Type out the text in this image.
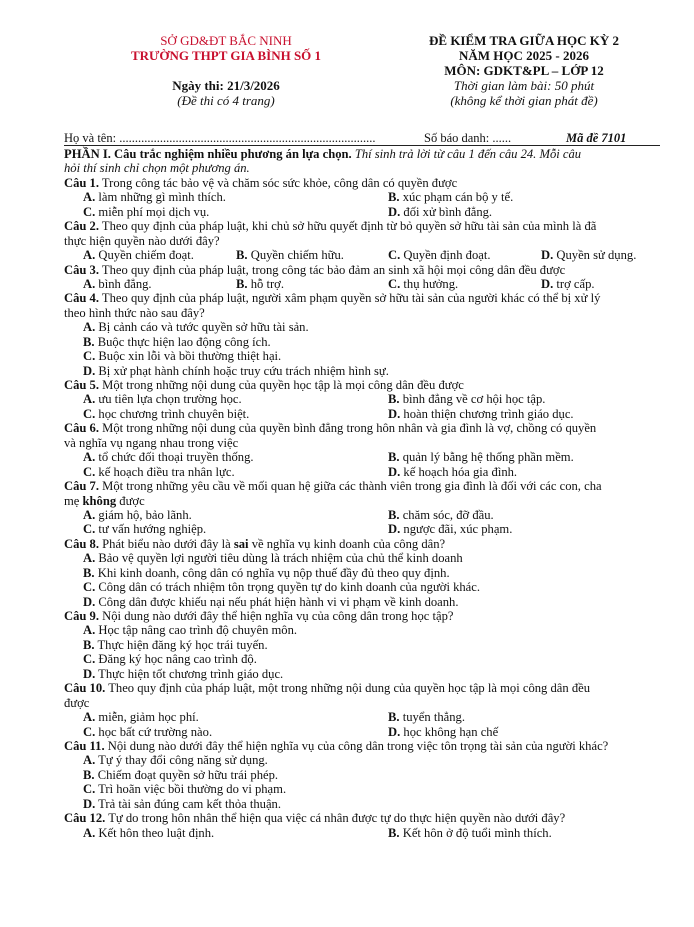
SỞ GD&ĐT BẮC NINH
TRƯỜNG THPT GIA BÌNH SỐ 1
Ngày thi: 21/3/2026
(Đề thi có 4 trang)
ĐỀ KIỂM TRA GIỮA HỌC KỲ 2
NĂM HỌC 2025 - 2026
MÔN: GDKT&PL – LỚP 12
Thời gian làm bài: 50 phút
(không kể thời gian phát đề)
Họ và tên: ..................................................................................	Số báo danh: ......	Mã đề 7101
PHẦN I. Câu trắc nghiệm nhiều phương án lựa chọn. Thí sinh trả lời từ câu 1 đến câu 24. Mỗi câu
hỏi thí sinh chỉ chọn một phương án.
Câu 1. Trong công tác bảo vệ và chăm sóc sức khỏe, công dân có quyền được
A. làm những gì mình thích.	B. xúc phạm cán bộ y tế.
C. miễn phí mọi dịch vụ.	D. đối xử bình đẳng.
Câu 2. Theo quy định của pháp luật, khi chủ sở hữu quyết định từ bỏ quyền sở hữu tài sản của mình là đã
thực hiện quyền nào dưới đây?
A. Quyền chiếm đoạt.	B. Quyền chiếm hữu.	C. Quyền định đoạt.	D. Quyền sử dụng.
Câu 3. Theo quy định của pháp luật, trong công tác bảo đảm an sinh xã hội mọi công dân đều được
A. bình đẳng.	B. hỗ trợ.	C. thụ hưởng.	D. trợ cấp.
Câu 4. Theo quy định của pháp luật, người xâm phạm quyền sở hữu tài sản của người khác có thể bị xử lý
theo hình thức nào sau đây?
A. Bị cảnh cáo và tước quyền sở hữu tài sản.
B. Buộc thực hiện lao động công ích.
C. Buộc xin lỗi và bồi thường thiệt hại.
D. Bị xử phạt hành chính hoặc truy cứu trách nhiệm hình sự.
Câu 5. Một trong những nội dung của quyền học tập là mọi công dân đều được
A. ưu tiên lựa chọn trường học.	B. bình đẳng về cơ hội học tập.
C. học chương trình chuyên biệt.	D. hoàn thiện chương trình giáo dục.
Câu 6. Một trong những nội dung của quyền bình đẳng trong hôn nhân và gia đình là vợ, chồng có quyền
và nghĩa vụ ngang nhau trong việc
A. tổ chức đối thoại truyền thống.	B. quản lý bằng hệ thống phần mềm.
C. kế hoạch điều tra nhân lực.	D. kế hoạch hóa gia đình.
Câu 7. Một trong những yêu cầu về mối quan hệ giữa các thành viên trong gia đình là đối với các con, cha
mẹ không được
A. giám hộ, bảo lãnh.	B. chăm sóc, đỡ đầu.
C. tư vấn hướng nghiệp.	D. ngược đãi, xúc phạm.
Câu 8. Phát biểu nào dưới đây là sai về nghĩa vụ kinh doanh của công dân?
A. Bảo vệ quyền lợi người tiêu dùng là trách nhiệm của chủ thể kinh doanh
B. Khi kinh doanh, công dân có nghĩa vụ nộp thuế đầy đủ theo quy định.
C. Công dân có trách nhiệm tôn trọng quyền tự do kinh doanh của người khác.
D. Công dân được khiếu nại nếu phát hiện hành vi vi phạm về kinh doanh.
Câu 9. Nội dung nào dưới đây thể hiện nghĩa vụ của công dân trong học tập?
A. Học tập nâng cao trình độ chuyên môn.
B. Thực hiện đăng ký học trái tuyến.
C. Đăng ký học nâng cao trình độ.
D. Thực hiện tốt chương trình giáo dục.
Câu 10. Theo quy định của pháp luật, một trong những nội dung của quyền học tập là mọi công dân đều
được
A. miễn, giảm học phí.	B. tuyển thẳng.
C. học bất cứ trường nào.	D. học không hạn chế
Câu 11. Nội dung nào dưới đây thể hiện nghĩa vụ của công dân trong việc tôn trọng tài sản của người khác?
A. Tự ý thay đổi công năng sử dụng.
B. Chiếm đoạt quyền sở hữu trái phép.
C. Trì hoãn việc bồi thường do vi phạm.
D. Trả tài sản đúng cam kết thỏa thuận.
Câu 12. Tự do trong hôn nhân thể hiện qua việc cá nhân được tự do thực hiện quyền nào dưới đây?
A. Kết hôn theo luật định.	B. Kết hôn ở độ tuổi mình thích.
